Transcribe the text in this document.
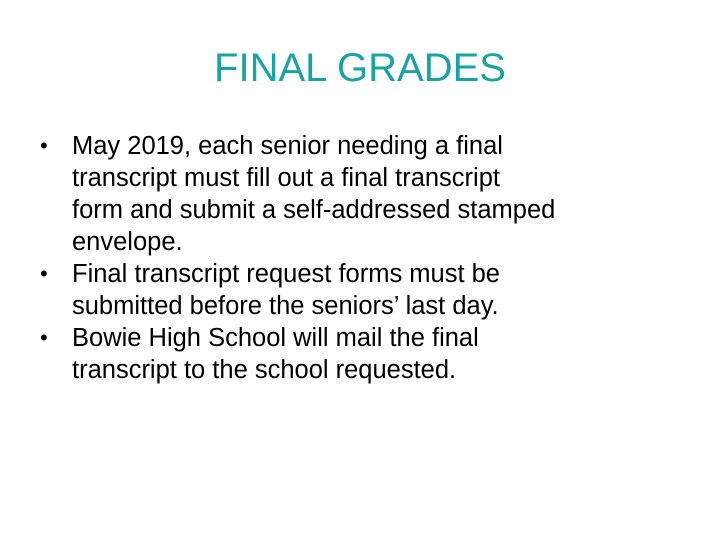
FINAL GRADES
• May 2019, each senior needing a final
transcript must fill out a final transcript
form and submit a self-addressed stamped
envelope.
• Final transcript request forms must be
submitted before the seniors’ last day.
• Bowie High School will mail the final
transcript to the school requested.
